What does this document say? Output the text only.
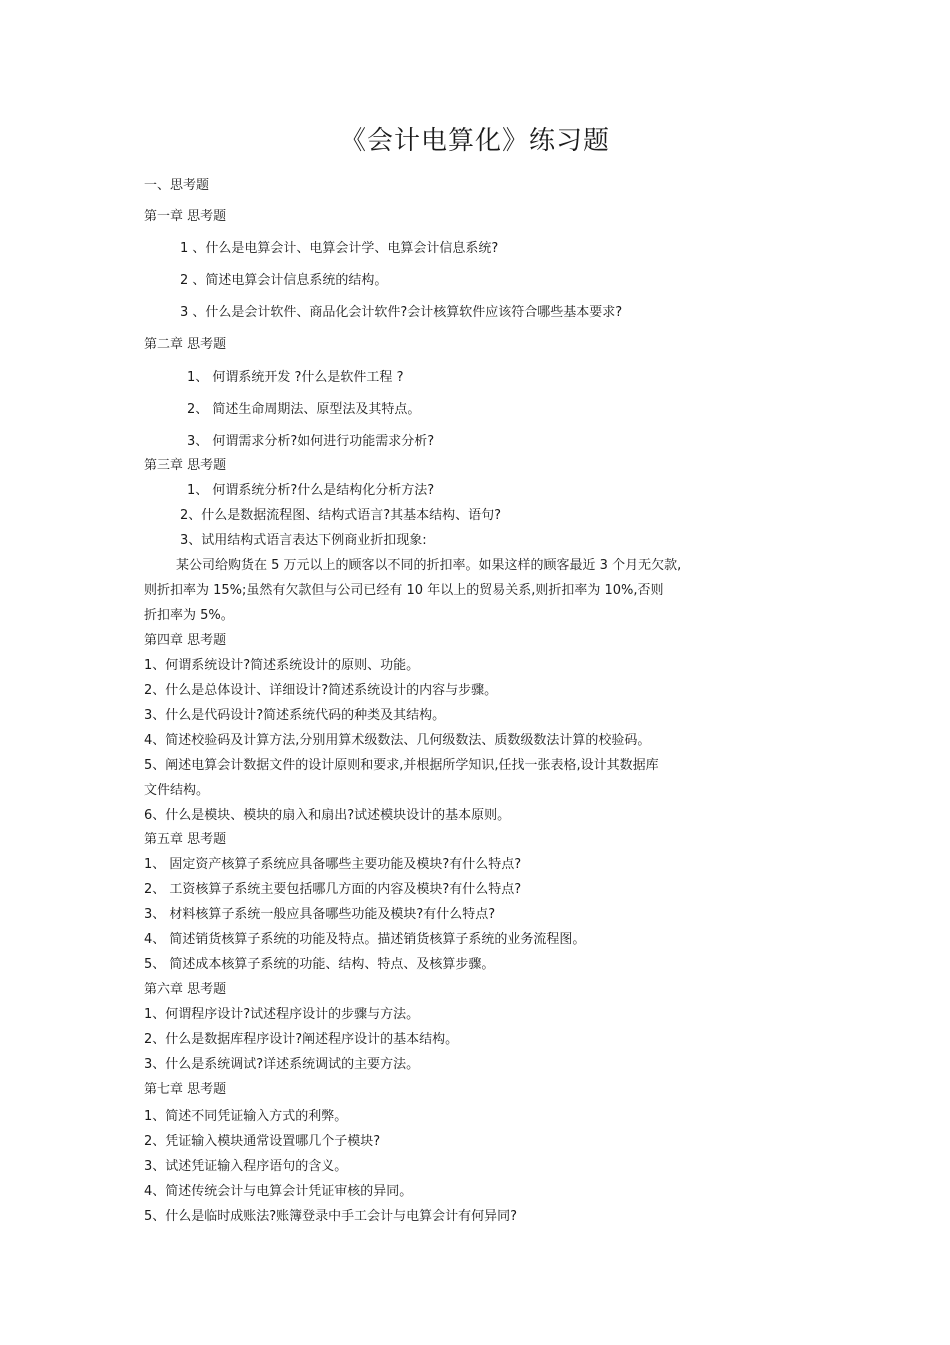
《会计电算化》练习题
一、思考题
第一章 思考题
1 、什么是电算会计、电算会计学、电算会计信息系统?
2 、简述电算会计信息系统的结构。
3 、什么是会计软件、商品化会计软件?会计核算软件应该符合哪些基本要求?
第二章 思考题
1、 何谓系统开发 ?什么是软件工程 ?
2、 简述生命周期法、原型法及其特点。
3、 何谓需求分析?如何进行功能需求分析?
第三章 思考题
1、 何谓系统分析?什么是结构化分析方法?
2、什么是数据流程图、结构式语言?其基本结构、语句?
3、试用结构式语言表达下例商业折扣现象:
某公司给购货在 5 万元以上的顾客以不同的折扣率。如果这样的顾客最近 3 个月无欠款,
则折扣率为 15%;虽然有欠款但与公司已经有 10 年以上的贸易关系,则折扣率为 10%,否则
折扣率为 5%。
第四章 思考题
1、何谓系统设计?简述系统设计的原则、功能。
2、什么是总体设计、详细设计?简述系统设计的内容与步骤。
3、什么是代码设计?简述系统代码的种类及其结构。
4、简述校验码及计算方法,分别用算术级数法、几何级数法、质数级数法计算的校验码。
5、阐述电算会计数据文件的设计原则和要求,并根据所学知识,任找一张表格,设计其数据库
文件结构。
6、什么是模块、模块的扇入和扇出?试述模块设计的基本原则。
第五章 思考题
1、 固定资产核算子系统应具备哪些主要功能及模块?有什么特点?
2、 工资核算子系统主要包括哪几方面的内容及模块?有什么特点?
3、 材料核算子系统一般应具备哪些功能及模块?有什么特点?
4、 简述销货核算子系统的功能及特点。描述销货核算子系统的业务流程图。
5、 简述成本核算子系统的功能、结构、特点、及核算步骤。
第六章 思考题
1、何谓程序设计?试述程序设计的步骤与方法。
2、什么是数据库程序设计?阐述程序设计的基本结构。
3、什么是系统调试?详述系统调试的主要方法。
第七章 思考题
1、简述不同凭证输入方式的利弊。
2、凭证输入模块通常设置哪几个子模块?
3、试述凭证输入程序语句的含义。
4、简述传统会计与电算会计凭证审核的异同。
5、什么是临时成账法?账簿登录中手工会计与电算会计有何异同?
